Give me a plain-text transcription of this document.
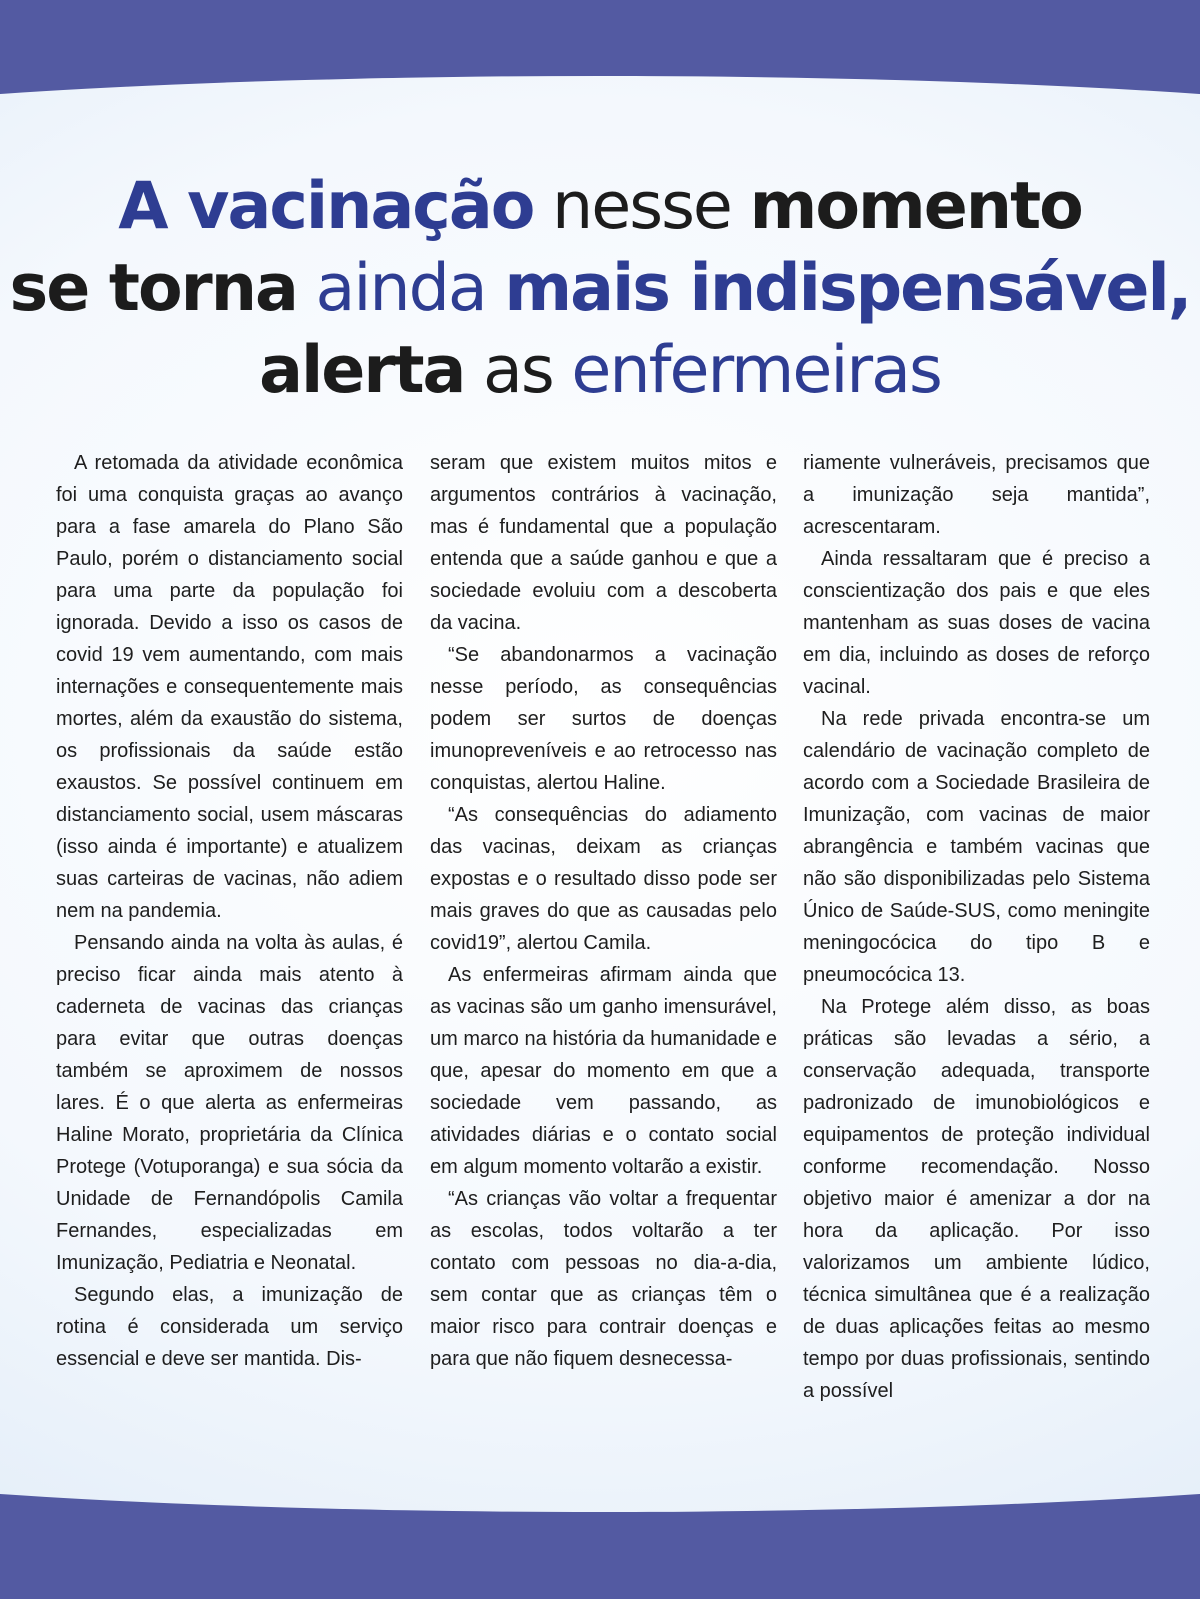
A vacinação nesse momento
se torna ainda mais indispensável,
alerta as enfermeiras

A retomada da atividade econômica foi uma conquista graças ao avanço para a fase amarela do Plano São Paulo, porém o distanciamento social para uma parte da população foi ignorada. Devido a isso os casos de covid 19 vem aumentando, com mais internações e consequentemente mais mortes, além da exaustão do sistema, os profissionais da saúde estão exaustos. Se possível continuem em distanciamento social, usem máscaras (isso ainda é importante) e atualizem suas carteiras de vacinas, não adiem nem na pandemia.

Pensando ainda na volta às aulas, é preciso ficar ainda mais atento à caderneta de vacinas das crianças para evitar que outras doenças também se aproximem de nossos lares. É o que alerta as enfermeiras Haline Morato, proprietária da Clínica Protege (Votuporanga) e sua sócia da Unidade de Fernandópolis Camila Fernandes, especializadas em Imunização, Pediatria e Neonatal.

Segundo elas, a imunização de rotina é considerada um serviço essencial e deve ser mantida. Dis-

seram que existem muitos mitos e argumentos contrários à vacinação, mas é fundamental que a população entenda que a saúde ganhou e que a sociedade evoluiu com a descoberta da vacina.

“Se abandonarmos a vacinação nesse período, as consequências podem ser surtos de doenças imunopreveníveis e ao retrocesso nas conquistas, alertou Haline.

“As consequências do adiamento das vacinas, deixam as crianças expostas e o resultado disso pode ser mais graves do que as causadas pelo covid19”, alertou Camila.

As enfermeiras afirmam ainda que as vacinas são um ganho imensurável, um marco na história da humanidade e que, apesar do momento em que a sociedade vem passando, as atividades diárias e o contato social em algum momento voltarão a existir.

“As crianças vão voltar a frequentar as escolas, todos voltarão a ter contato com pessoas no dia-a-dia, sem contar que as crianças têm o maior risco para contrair doenças e para que não fiquem desnecessa-

riamente vulneráveis, precisamos que a imunização seja mantida”, acrescentaram.

Ainda ressaltaram que é preciso a conscientização dos pais e que eles mantenham as suas doses de vacina em dia, incluindo as doses de reforço vacinal.

Na rede privada encontra-se um calendário de vacinação completo de acordo com a Sociedade Brasileira de Imunização, com vacinas de maior abrangência e também vacinas que não são disponibilizadas pelo Sistema Único de Saúde-SUS, como meningite meningocócica do tipo B e pneumocócica 13.

Na Protege além disso, as boas práticas são levadas a sério, a conservação adequada, transporte padronizado de imunobiológicos e equipamentos de proteção individual conforme recomendação. Nosso objetivo maior é amenizar a dor na hora da aplicação. Por isso valorizamos um ambiente lúdico, técnica simultânea que é a realização de duas aplicações feitas ao mesmo tempo por duas profissionais, sentindo a possível
